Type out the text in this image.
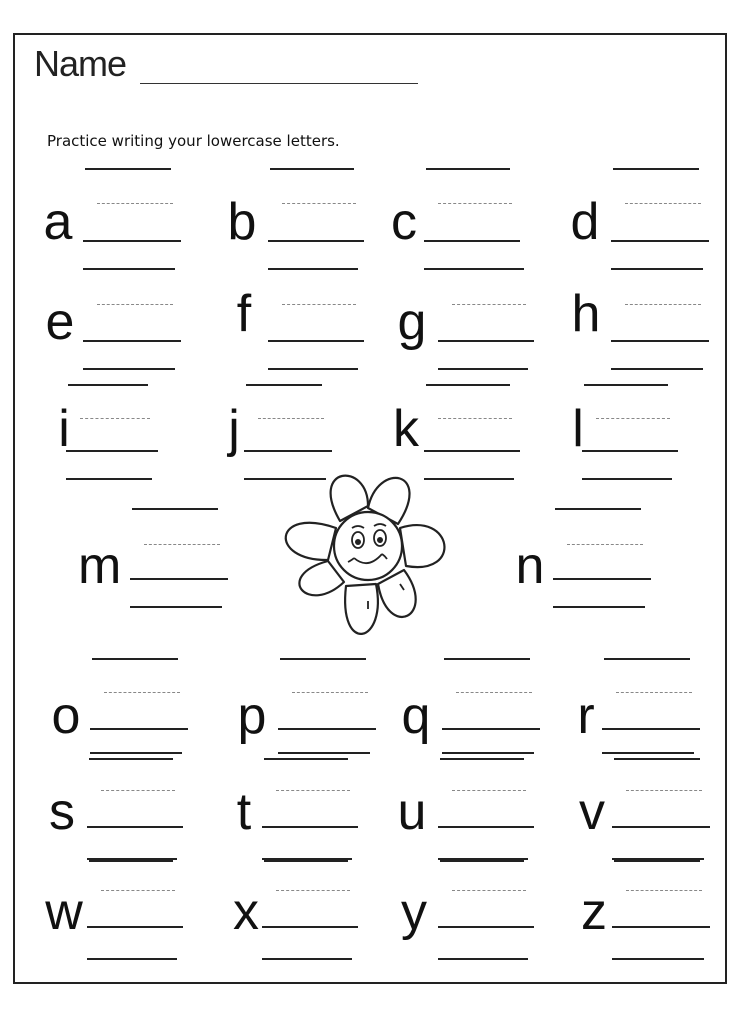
Name
Practice writing your lowercase letters.
a	b	c	d
e	f	g	h
i	j	k	l
m	n
o	p	q	r
s	t	u	v
w	x	y	z
